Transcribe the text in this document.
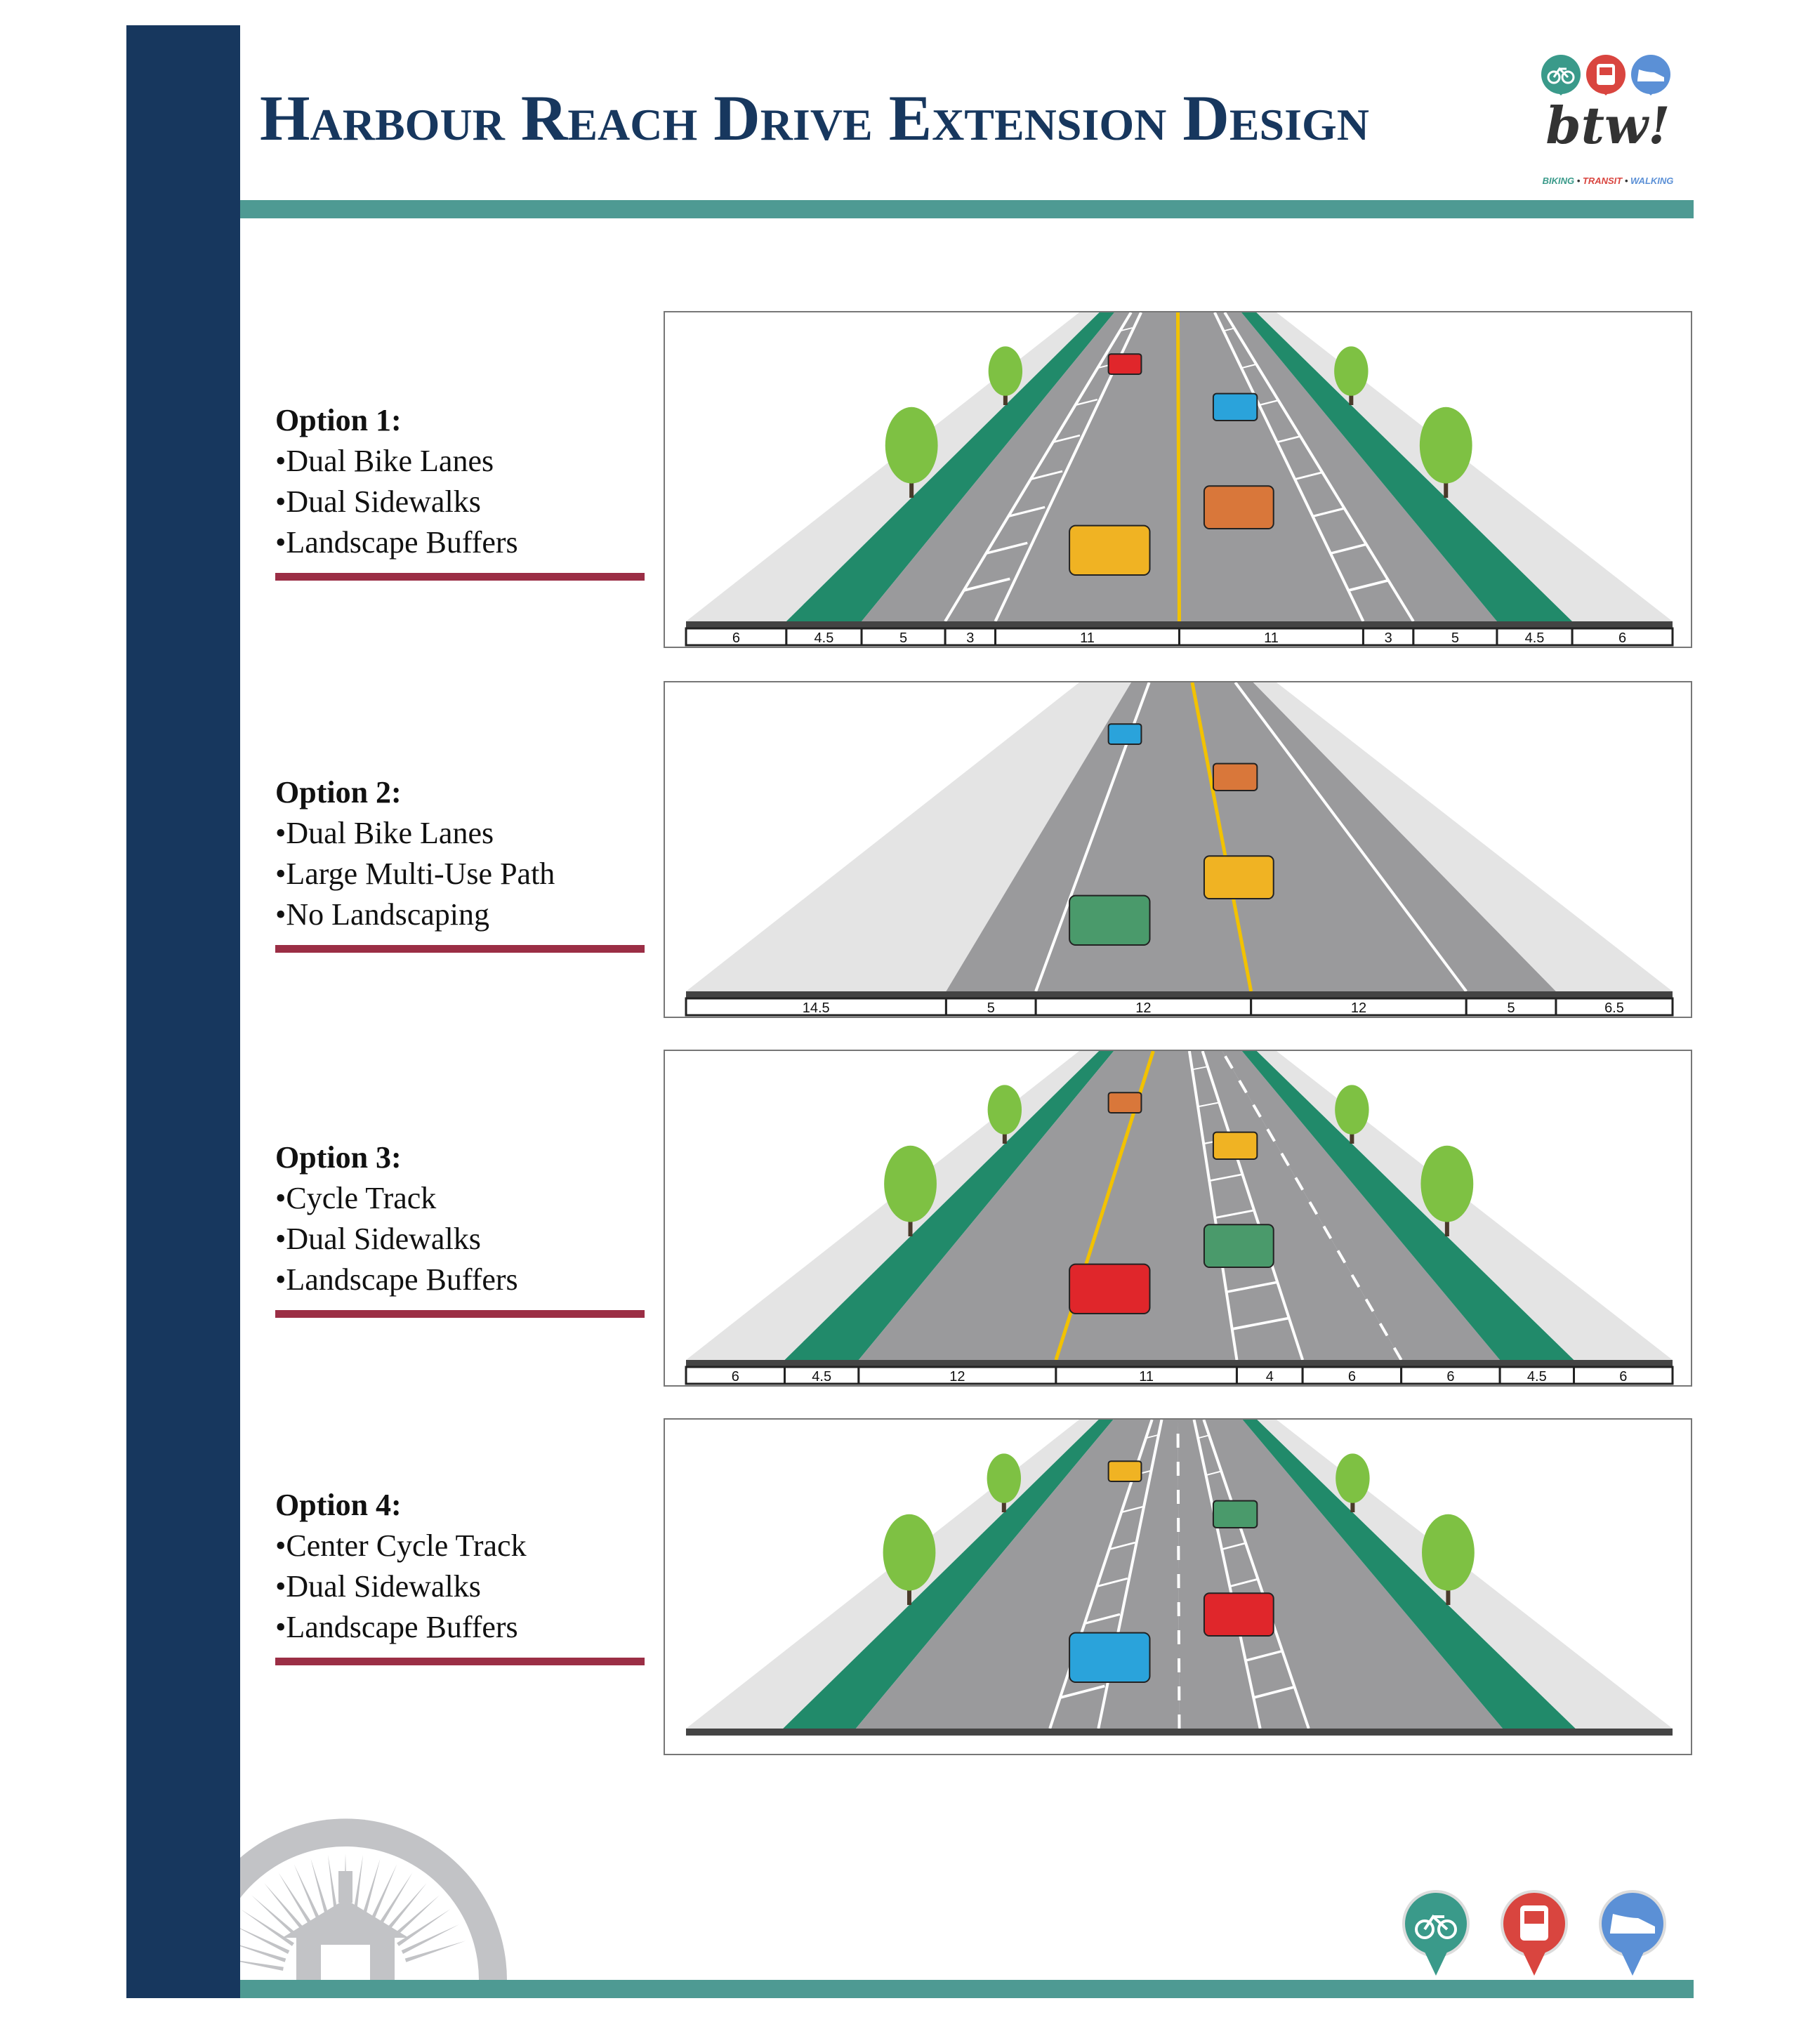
Harbour Reach Drive Extension Design	btw!
BIKING • TRANSIT • WALKING
Option 1:
•Dual Bike Lanes
•Dual Sidewalks
•Landscape Buffers
6	4.5	5	3	11	11	3	5	4.5	6
Option 2:
•Dual Bike Lanes
•Large Multi-Use Path
•No Landscaping
14.5	5	12	12	5	6.5
Option 3:
•Cycle Track
•Dual Sidewalks
•Landscape Buffers
6	4.5	12	11	4	6	6	4.5	6
Option 4:
•Center Cycle Track
•Dual Sidewalks
•Landscape Buffers
